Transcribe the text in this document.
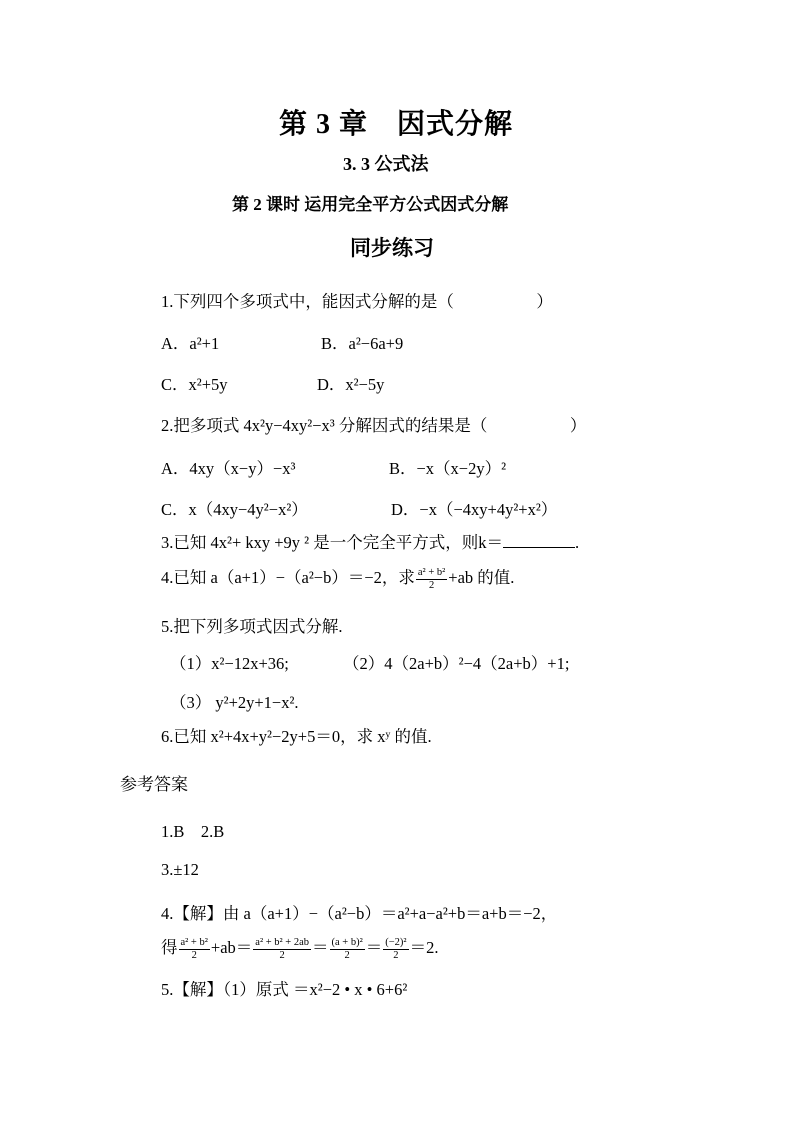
第 3 章　因式分解
3. 3 公式法
第 2 课时 运用完全平方公式因式分解
同步练习
1.下列四个多项式中，能因式分解的是（　　　　　）
A．a²+1	B．a²−6a+9
C．x²+5y	D．x²−5y
2.把多项式 4x²y−4xy²−x³ 分解因式的结果是（　　　　　）
A．4xy（x−y）−x³	B．−x（x−2y）²
C．x（4xy−4y²−x²）	D．−x（−4xy+4y²+x²）
3.已知 4x²+ kxy +9y ² 是一个完全平方式，则k＝	.
4.已知 a（a+1）−（a²−b）＝−2，求 $\frac{\text{a² + b²}}{2} +ab$ 的值.
5.把下列多项式因式分解.
（1）x²−12x+36;	（2）4（2a+b）²−4（2a+b）+1;
（3） y²+2y+1−x².
6.已知 x²+4x+y²−2y+5＝0，求 xʸ 的值.
参考答案
1.B　2.B
3.±12
4.【解】由 a（a+1）−（a²−b）＝a²+a−a²+b＝a+b＝−2，
得 $\frac{\text{a² + b²}}{2} +ab= \frac{\text{a² + b² + 2ab}}{2} = \frac{\text{(a + b)²}}{2} = \frac{\text{(−2)²}}{2} =2$.
5.【解】（1）原式 ＝x²−2 • x • 6+6²
